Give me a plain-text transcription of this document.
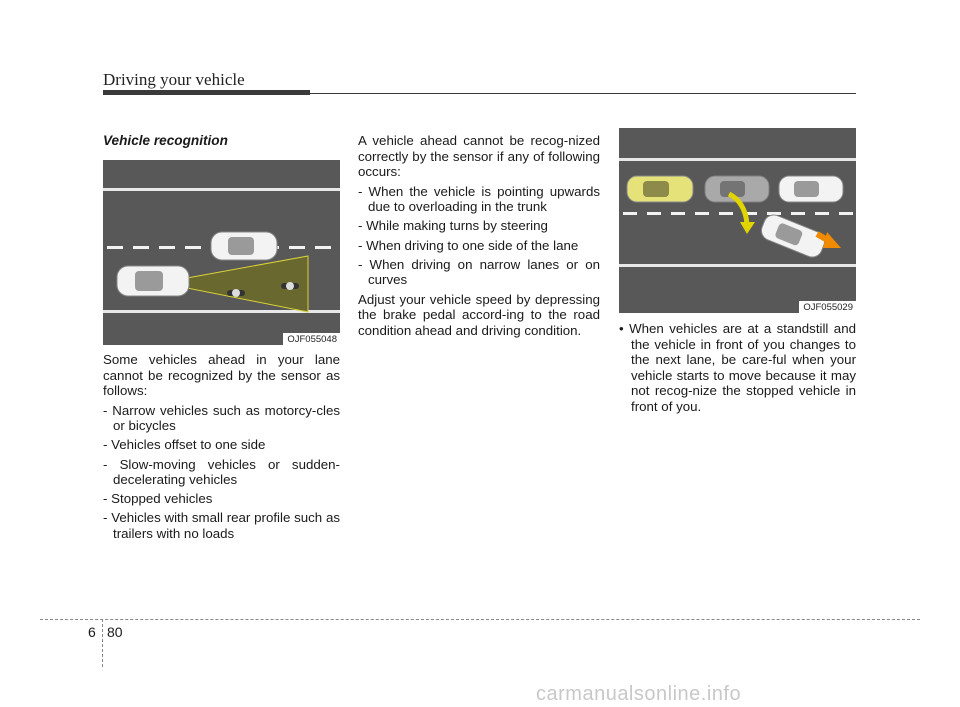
Driving your vehicle
Vehicle recognition
OJF055048

Some vehicles ahead in your lane cannot be recognized by the sensor as follows:

- Narrow vehicles such as motorcy-cles or bicycles
- Vehicles offset to one side
- Slow-moving vehicles or sudden-decelerating vehicles
- Stopped vehicles
- Vehicles with small rear profile such as trailers with no loads

A vehicle ahead cannot be recog-nized correctly by the sensor if any of following occurs:

- When the vehicle is pointing upwards due to overloading in the trunk
- While making turns by steering
- When driving to one side of the lane
- When driving on narrow lanes or on curves

Adjust your vehicle speed by depressing the brake pedal accord-ing to the road condition ahead and driving condition.

OJF055029
• When vehicles are at a standstill and the vehicle in front of you changes to the next lane, be care-ful when your vehicle starts to move because it may not recog-nize the stopped vehicle in front of you.
6 80
carmanualsonline.info
